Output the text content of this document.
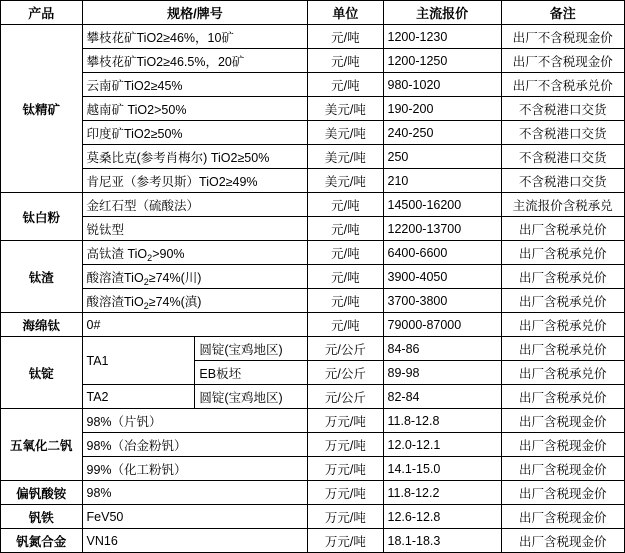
产品	规格/牌号		单位	主流报价	备注
钛精矿	攀枝花矿TiO2≥46%，10矿		元/吨	1200-1230	出厂不含税现金价
	攀枝花矿TiO2≥46.5%，20矿		元/吨	1200-1250	出厂不含税现金价
	云南矿TiO2≥45%		元/吨	980-1020	出厂不含税承兑价
	越南矿 TiO2>50%		美元/吨	190-200	不含税港口交货
	印度矿TiO2≥50%		美元/吨	240-250	不含税港口交货
	莫桑比克(参考肖梅尔) TiO2≥50%		美元/吨	250	不含税港口交货
	肯尼亚（参考贝斯）TiO2≥49%		美元/吨	210	不含税港口交货
钛白粉	金红石型（硫酸法）		元/吨	14500-16200	主流报价含税承兑
	锐钛型		元/吨	12200-13700	出厂含税承兑价
钛渣	高钛渣 TiO$_2$>90%		元/吨	6400-6600	出厂含税承兑价
	酸溶渣TiO$_2$≥74%(川)		元/吨	3900-4050	出厂含税承兑价
	酸溶渣TiO$_2$≥74%(滇)		元/吨	3700-3800	出厂含税承兑价
海绵钛	0#		元/吨	79000-87000	出厂含税承兑价
钛锭	TA1	圆锭(宝鸡地区)	元/公斤	84-86	出厂含税承兑价
		EB板坯	元/公斤	89-98	出厂含税承兑价
	TA2	圆锭(宝鸡地区)	元/公斤	82-84	出厂含税承兑价
五氧化二钒	98%（片钒）		万元/吨	11.8-12.8	出厂含税现金价
	98%（冶金粉钒）		万元/吨	12.0-12.1	出厂含税现金价
	99%（化工粉钒）		万元/吨	14.1-15.0	出厂含税现金价
偏钒酸铵	98%		万元/吨	11.8-12.2	出厂含税现金价
钒铁	FeV50		万元/吨	12.6-12.8	出厂含税现金价
钒氮合金	VN16		万元/吨	18.1-18.3	出厂含税现金价
